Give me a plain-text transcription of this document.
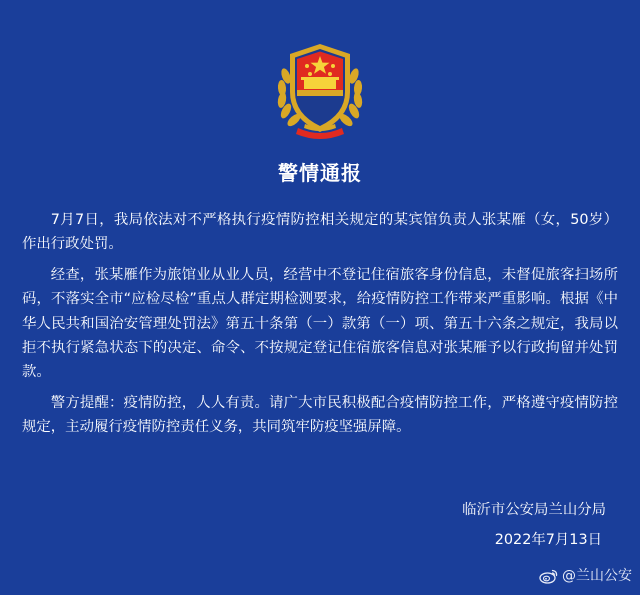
警情通报

7月7日，我局依法对不严格执行疫情防控相关规定的某宾馆负责人张某雁（女，50岁）作出行政处罚。

经查，张某雁作为旅馆业从业人员，经营中不登记住宿旅客身份信息，未督促旅客扫场所码，不落实全市“应检尽检”重点人群定期检测要求，给疫情防控工作带来严重影响。根据《中华人民共和国治安管理处罚法》第五十条第（一）款第（一）项、第五十六条之规定，我局以拒不执行紧急状态下的决定、命令、不按规定登记住宿旅客信息对张某雁予以行政拘留并处罚款。

警方提醒：疫情防控，人人有责。请广大市民积极配合疫情防控工作，严格遵守疫情防控规定，主动履行疫情防控责任义务，共同筑牢防疫坚强屏障。

临沂市公安局兰山分局
2022年7月13日
@兰山公安
